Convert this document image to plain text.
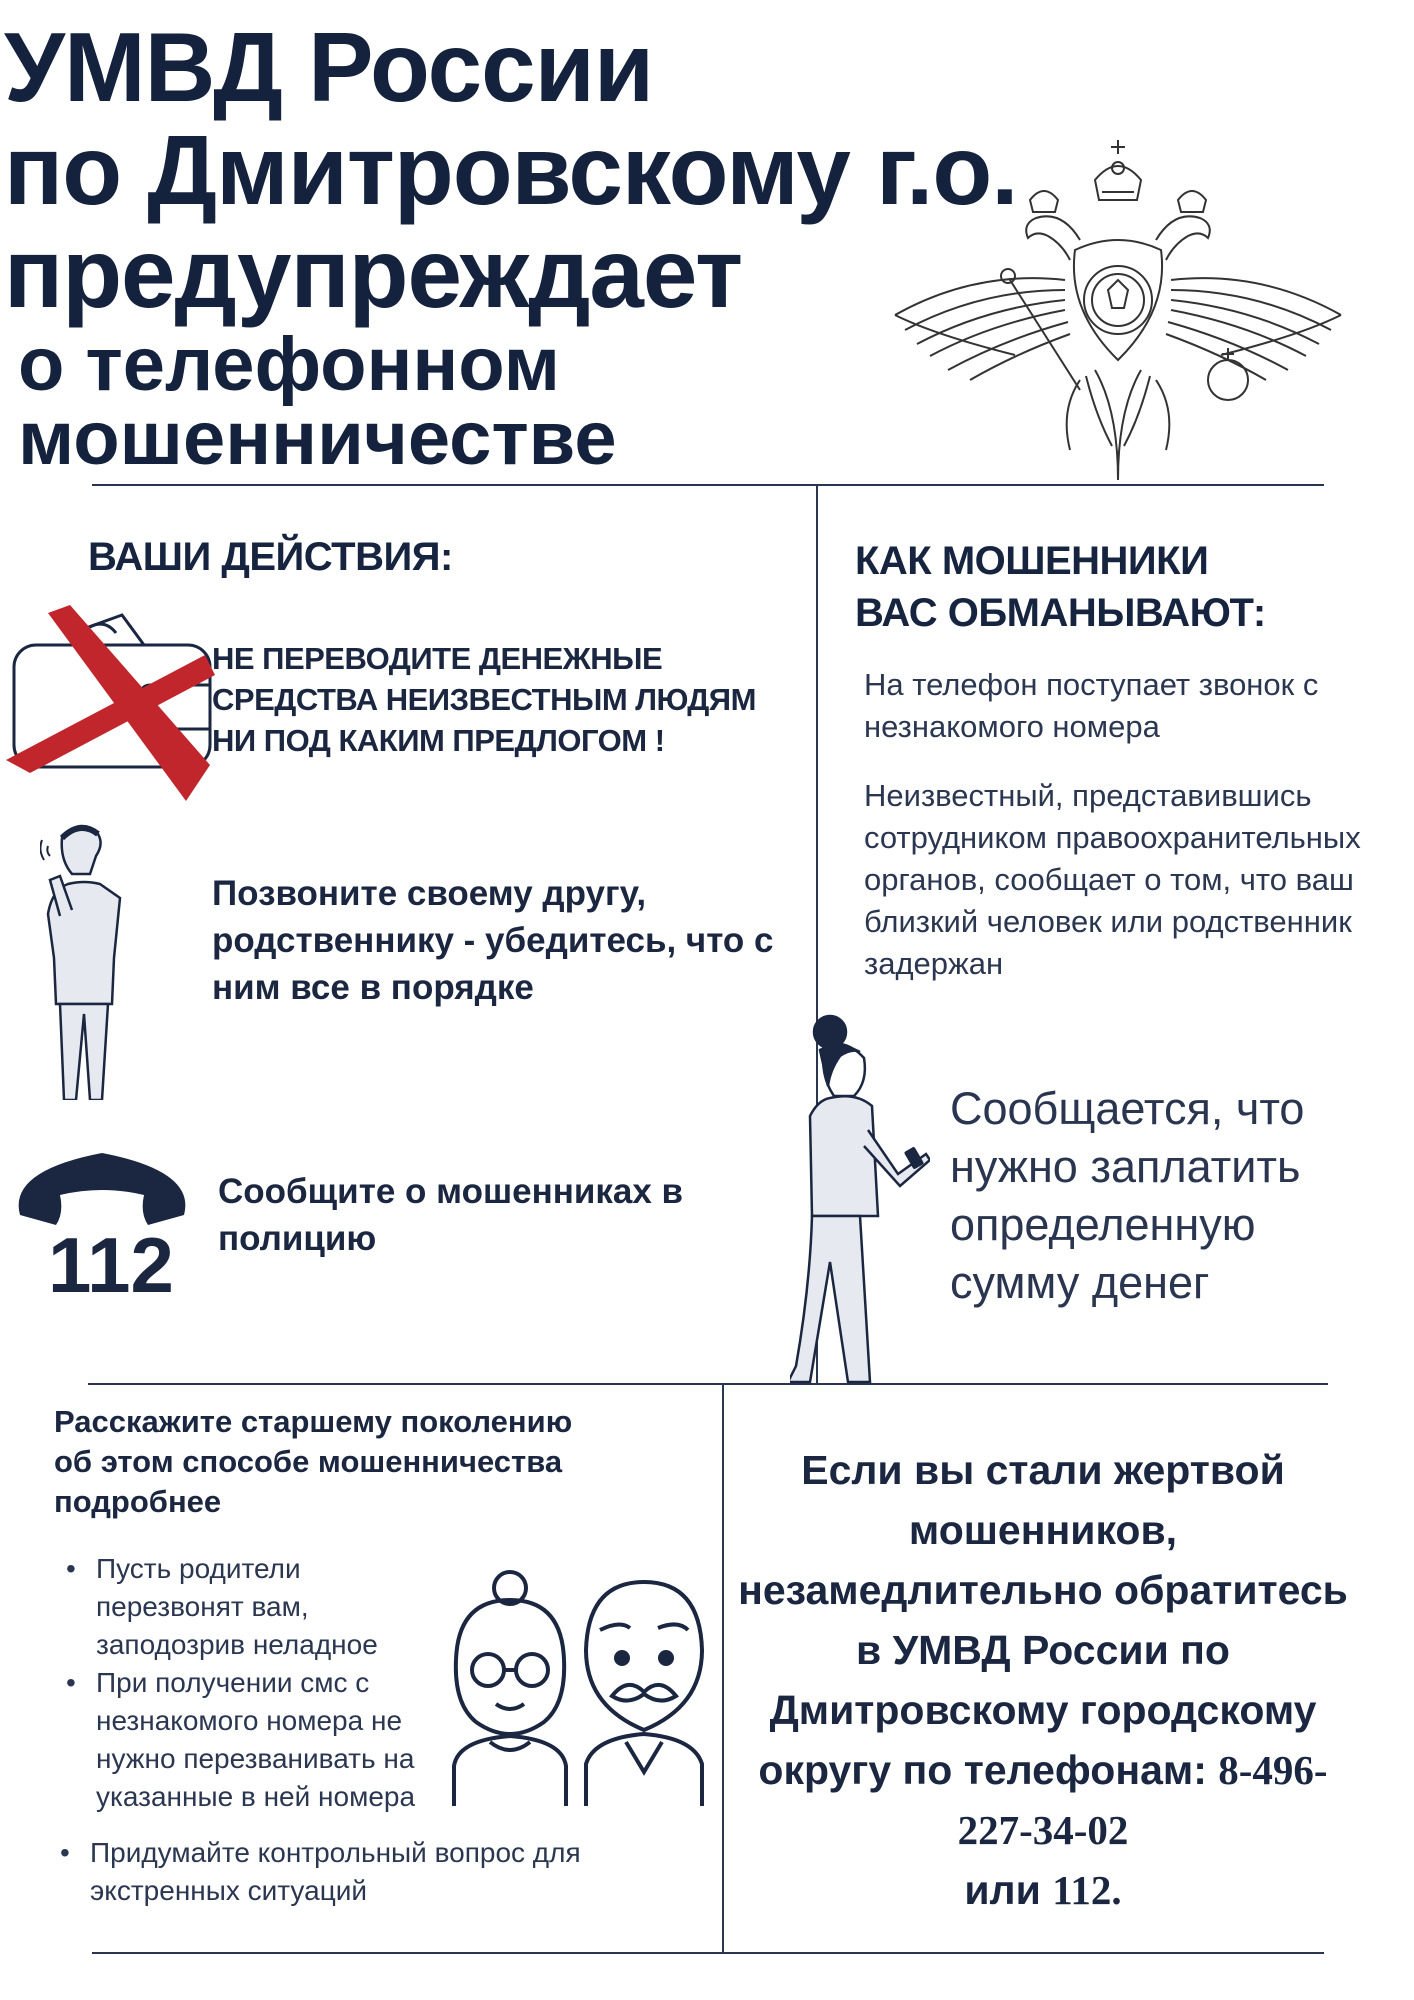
УМВД России
по Дмитровскому г.о.
предупреждает
о телефонном
мошенничестве
ВАШИ ДЕЙСТВИЯ:
НЕ ПЕРЕВОДИТЕ ДЕНЕЖНЫЕ СРЕДСТВА НЕИЗВЕСТНЫМ ЛЮДЯМ НИ ПОД КАКИМ ПРЕДЛОГОМ !
Позвоните своему другу, родственнику - убедитесь, что с ним все в порядке
112
Сообщите о мошенниках в полицию
КАК МОШЕННИКИ
ВАС ОБМАНЫВАЮТ:
На телефон поступает звонок с незнакомого номера
Неизвестный, представившись сотрудником правоохранительных органов, сообщает о том, что ваш близкий человек или родственник задержан
Сообщается, что нужно заплатить определенную сумму денег
Расскажите старшему поколению об этом способе мошенничества подробнее
• Пусть родители перезвонят вам, заподозрив неладное
• При получении смс с незнакомого номера не нужно перезванивать на указанные в ней номера
• Придумайте контрольный вопрос для экстренных ситуаций
Если вы стали жертвой мошенников, незамедлительно обратитесь в УМВД России по Дмитровскому городскому округу по телефонам: 8-496-227-34-02
или 112.
